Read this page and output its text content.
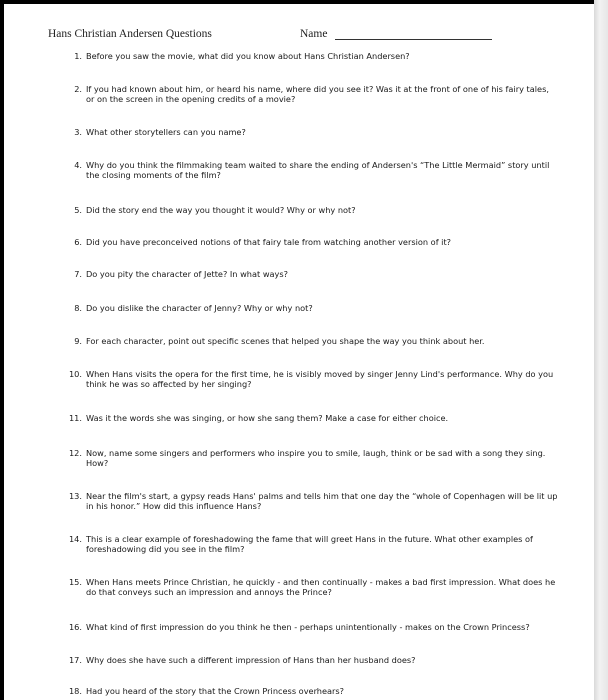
Hans Christian Andersen Questions	Name
1. Before you saw the movie, what did you know about Hans Christian Andersen?
2. If you had known about him, or heard his name, where did you see it? Was it at the front of one of his fairy tales, or on the screen in the opening credits of a movie?
3. What other storytellers can you name?
4. Why do you think the filmmaking team waited to share the ending of Andersen's “The Little Mermaid” story until the closing moments of the film?
5. Did the story end the way you thought it would? Why or why not?
6. Did you have preconceived notions of that fairy tale from watching another version of it?
7. Do you pity the character of Jette? In what ways?
8. Do you dislike the character of Jenny? Why or why not?
9. For each character, point out specific scenes that helped you shape the way you think about her.
10. When Hans visits the opera for the first time, he is visibly moved by singer Jenny Lind's performance. Why do you think he was so affected by her singing?
11. Was it the words she was singing, or how she sang them? Make a case for either choice.
12. Now, name some singers and performers who inspire you to smile, laugh, think or be sad with a song they sing. How?
13. Near the film's start, a gypsy reads Hans' palms and tells him that one day the “whole of Copenhagen will be lit up in his honor.” How did this influence Hans?
14. This is a clear example of foreshadowing the fame that will greet Hans in the future. What other examples of foreshadowing did you see in the film?
15. When Hans meets Prince Christian, he quickly - and then continually - makes a bad first impression. What does he do that conveys such an impression and annoys the Prince?
16. What kind of first impression do you think he then - perhaps unintentionally - makes on the Crown Princess?
17. Why does she have such a different impression of Hans than her husband does?
18. Had you heard of the story that the Crown Princess overhears?
